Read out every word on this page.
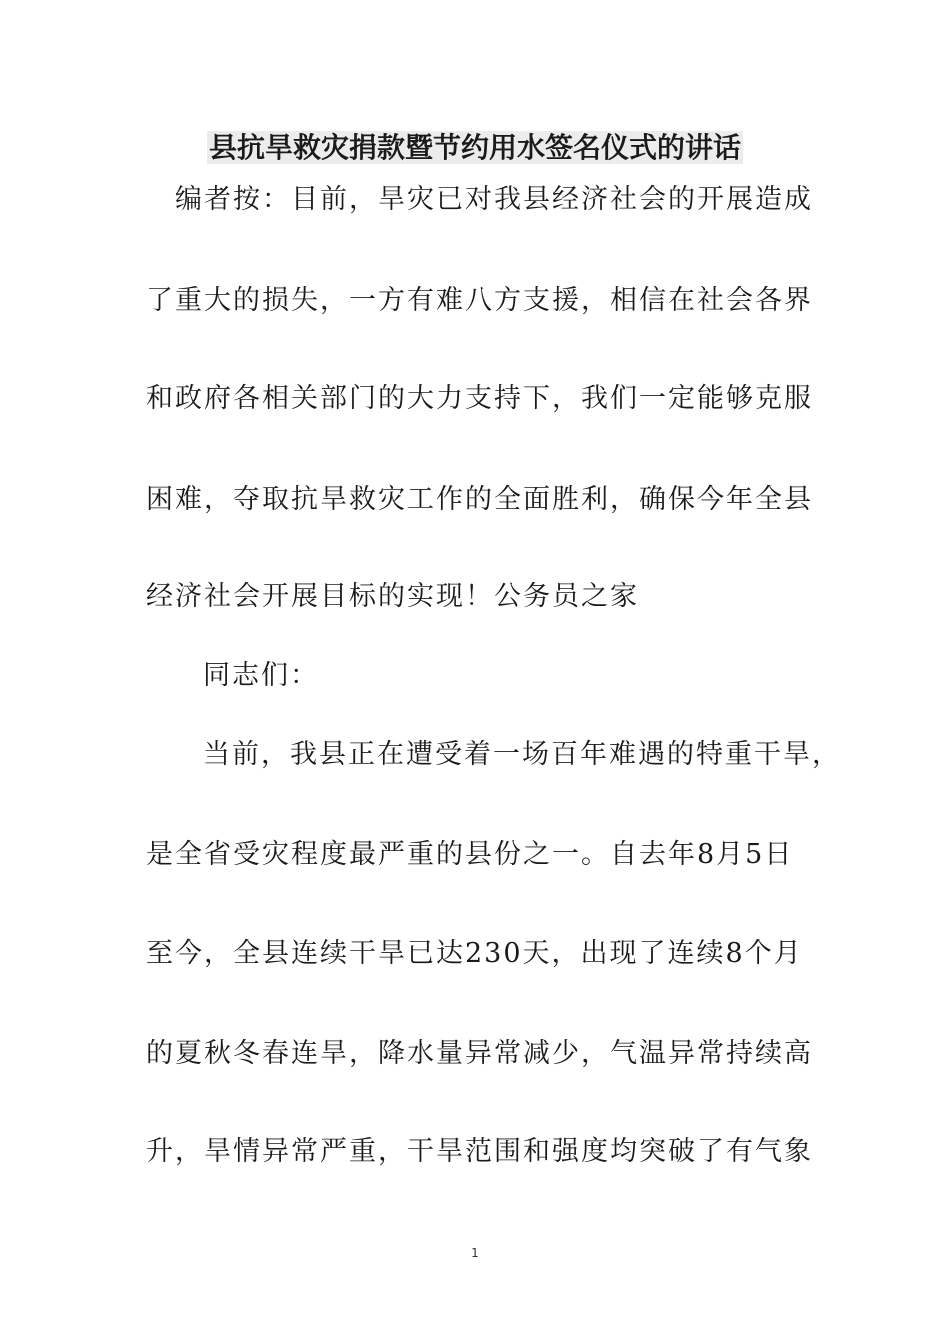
县抗旱救灾捐款暨节约用水签名仪式的讲话

编者按：目前，旱灾已对我县经济社会的开展造成

了重大的损失，一方有难八方支援，相信在社会各界

和政府各相关部门的大力支持下，我们一定能够克服

困难，夺取抗旱救灾工作的全面胜利，确保今年全县

经济社会开展目标的实现！公务员之家

同志们：

当前，我县正在遭受着一场百年难遇的特重干旱，

是全省受灾程度最严重的县份之一。自去年8月5日

至今，全县连续干旱已达230天，出现了连续8个月

的夏秋冬春连旱，降水量异常减少，气温异常持续高

升，旱情异常严重，干旱范围和强度均突破了有气象

1
